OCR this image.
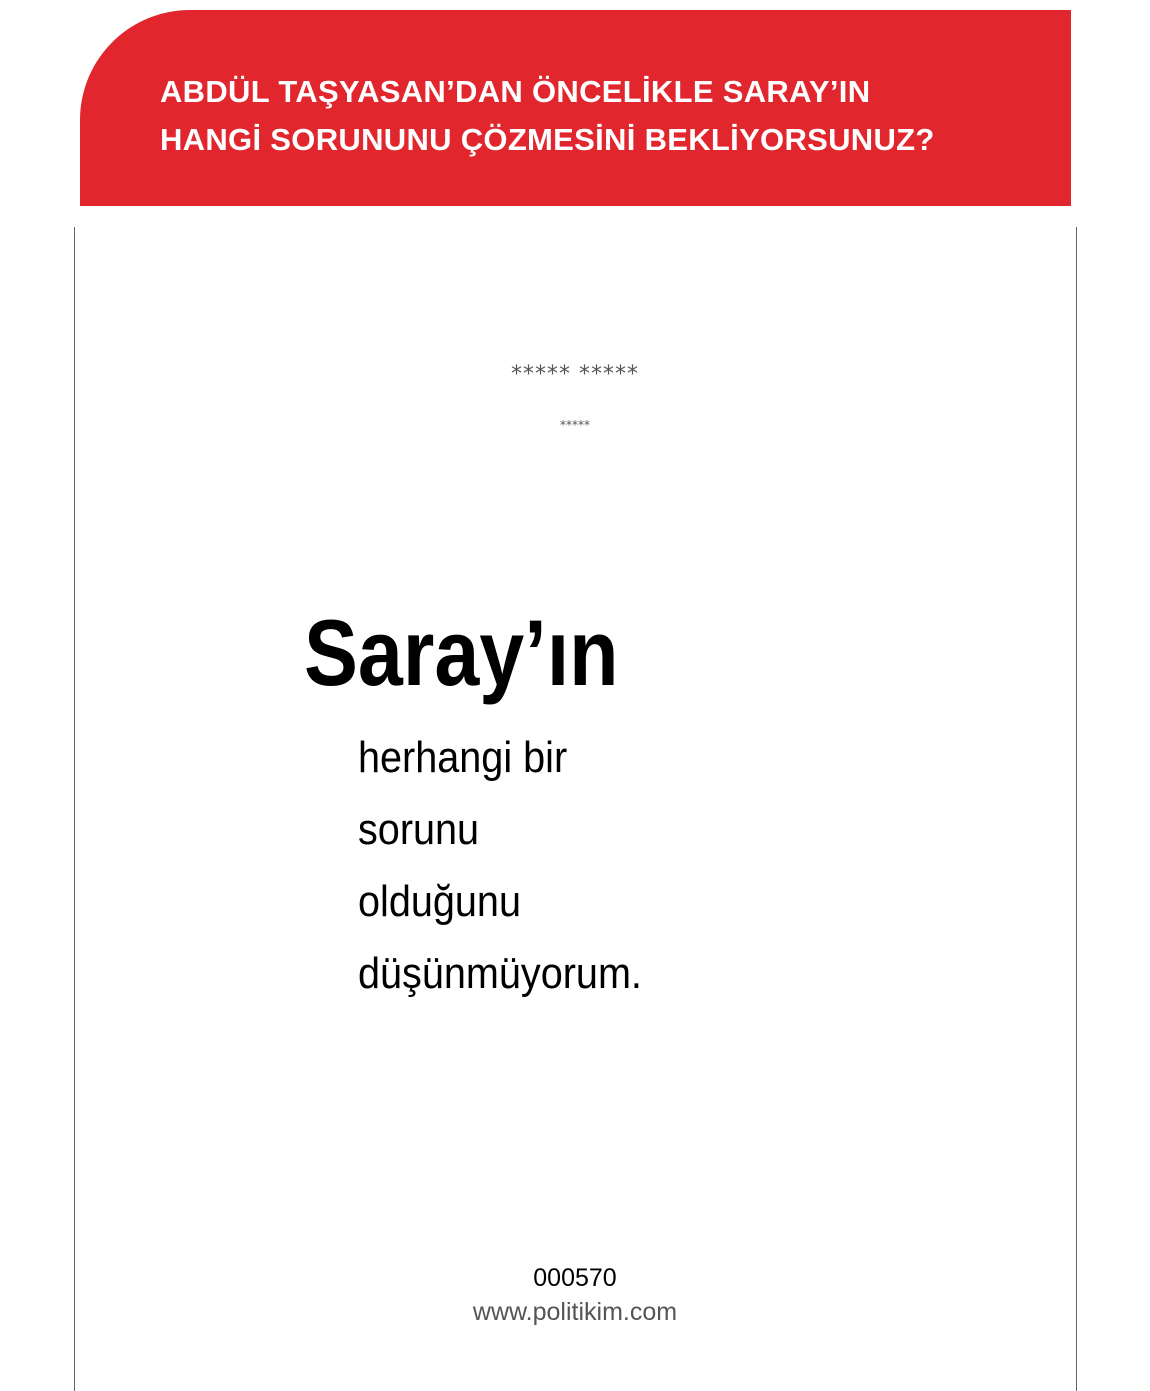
ABDÜL TAŞYASAN’DAN ÖNCELİKLE SARAY’IN
HANGİ SORUNUNU ÇÖZMESİNİ BEKLİYORSUNUZ?
***** *****
*****
Saray’ın
herhangi bir
sorunu
olduğunu
düşünmüyorum.
000570
www.politikim.com
